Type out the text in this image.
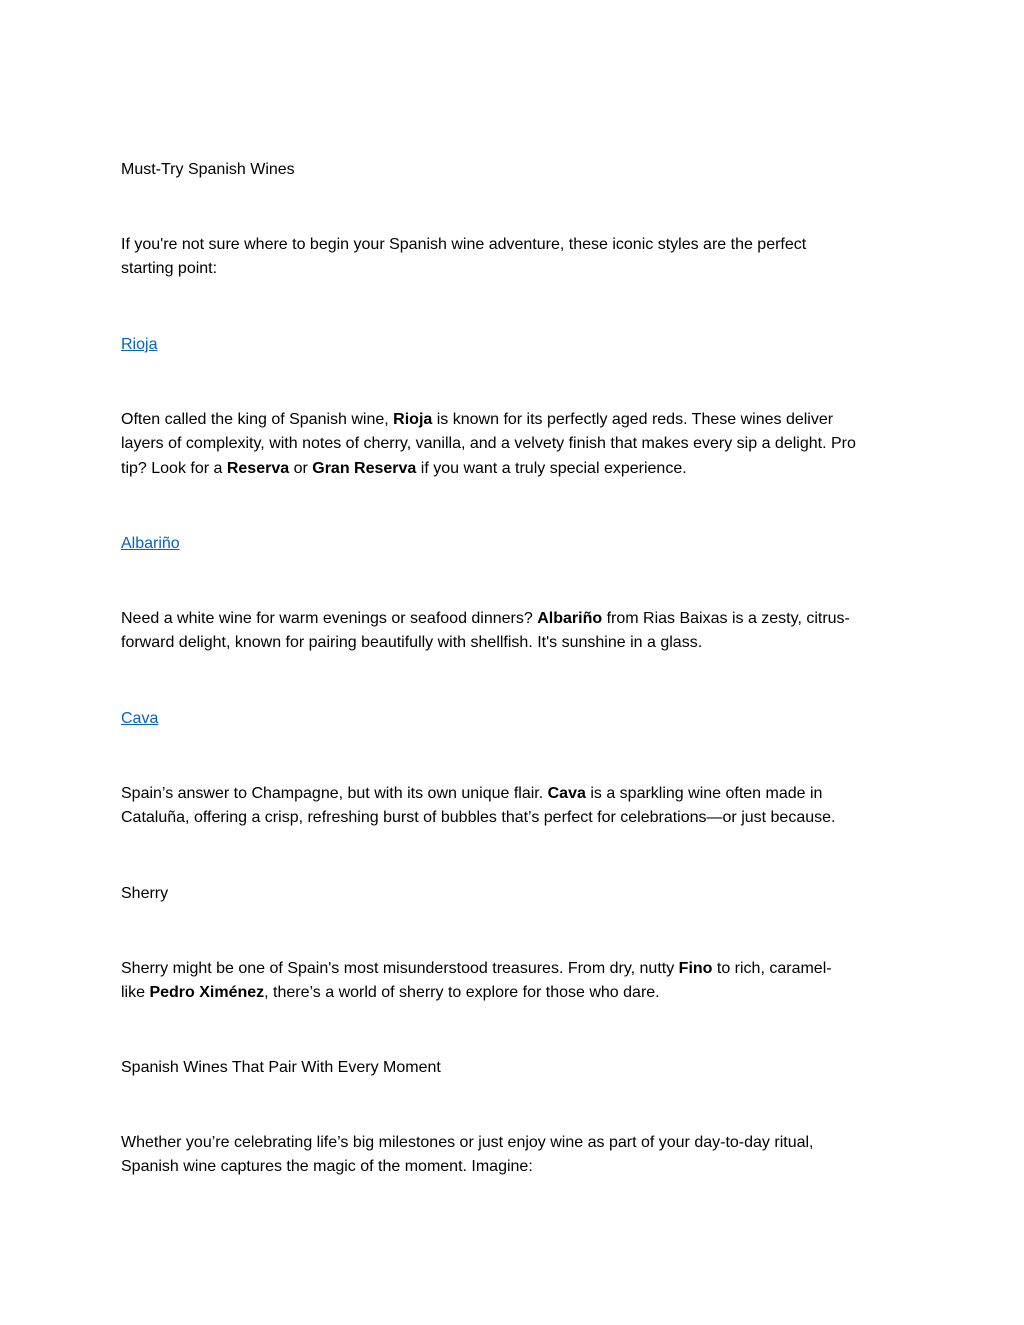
Must-Try Spanish Wines
If you're not sure where to begin your Spanish wine adventure, these iconic styles are the perfect
starting point:
Rioja
Often called the king of Spanish wine, Rioja is known for its perfectly aged reds. These wines deliver
layers of complexity, with notes of cherry, vanilla, and a velvety finish that makes every sip a delight. Pro
tip? Look for a Reserva or Gran Reserva if you want a truly special experience.
Albariño
Need a white wine for warm evenings or seafood dinners? Albariño from Rias Baixas is a zesty, citrus-
forward delight, known for pairing beautifully with shellfish. It's sunshine in a glass.
Cava
Spain’s answer to Champagne, but with its own unique flair. Cava is a sparkling wine often made in
Cataluña, offering a crisp, refreshing burst of bubbles that’s perfect for celebrations—or just because.
Sherry
Sherry might be one of Spain's most misunderstood treasures. From dry, nutty Fino to rich, caramel-
like Pedro Ximénez, there’s a world of sherry to explore for those who dare.
Spanish Wines That Pair With Every Moment
Whether you’re celebrating life’s big milestones or just enjoy wine as part of your day-to-day ritual,
Spanish wine captures the magic of the moment. Imagine:
